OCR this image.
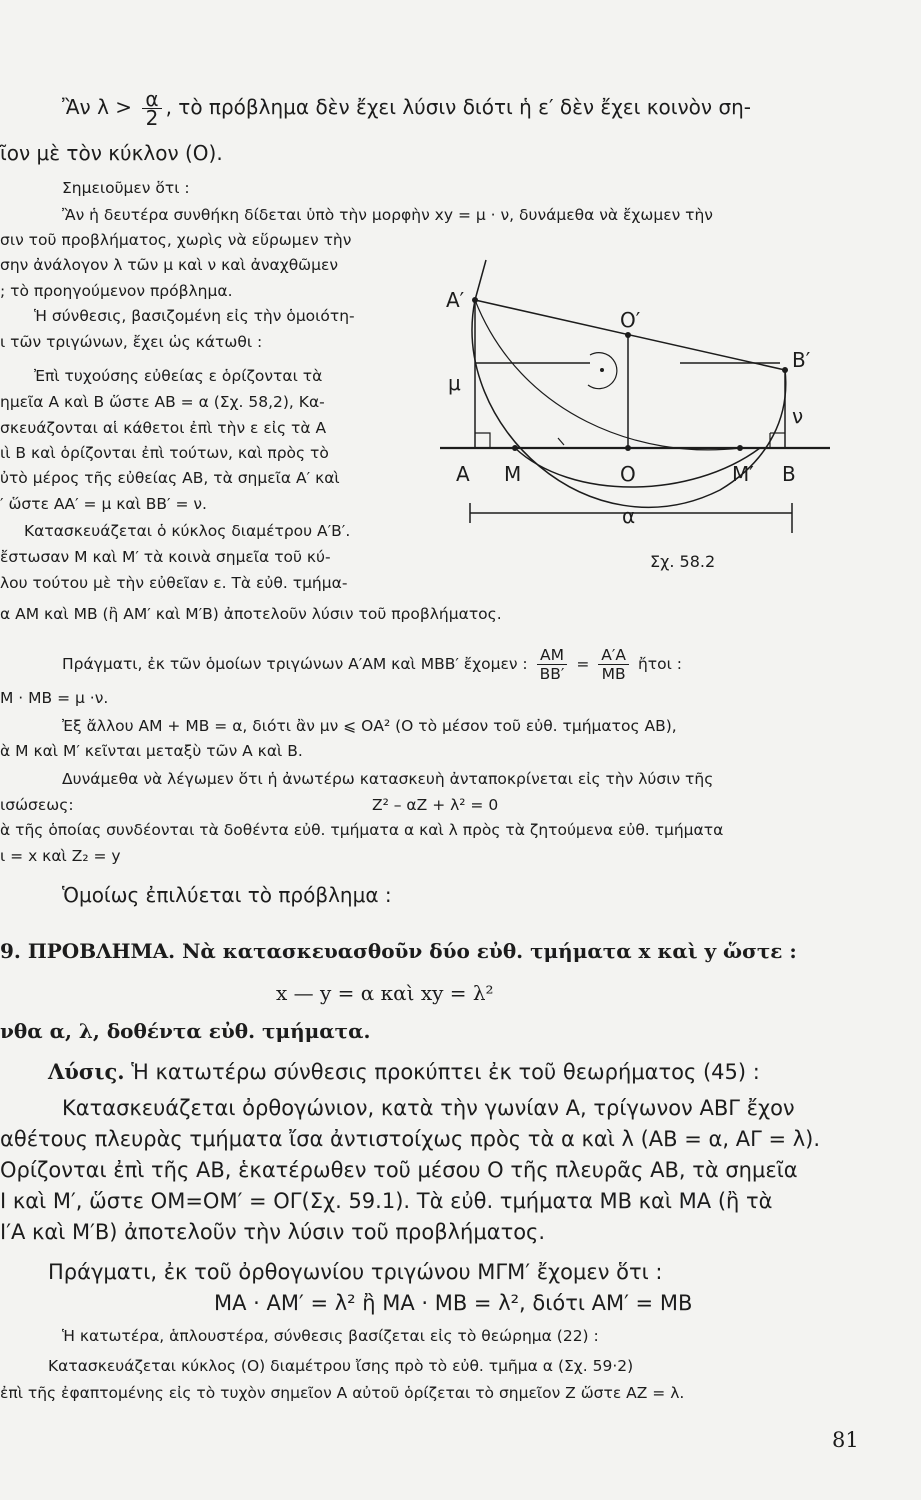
Ἂν $\lambda > \frac{\alpha}{2}$ , τὸ πρόβλημα δὲν ἔχει λύσιν διότι ἡ ε′ δὲν ἔχει κοινὸν ση-
ῖον μὲ τὸν κύκλον (Ο).
Σημειοῦμεν ὅτι :
Ἂν ἡ δευτέρα συνθήκη δίδεται ὑπὸ τὴν μορφὴν xy = μ · ν, δυνάμεθα νὰ ἔχωμεν τὴν
σιν τοῦ προβλήματος, χωρὶς νὰ εὕρωμεν τὴν
σην ἀνάλογον λ τῶν μ καὶ ν καὶ ἀναχθῶμεν
; τὸ προηγούμενον πρόβλημα.
Ἡ σύνθεσις, βασιζομένη εἰς τὴν ὁμοιότη-
ι τῶν τριγώνων, ἔχει ὡς κάτωθι :
Ἐπὶ τυχούσης εὐθείας ε ὁρίζονται τὰ
ημεῖα Α καὶ Β ὥστε ΑΒ = α (Σχ. 58,2), Κα-
σκευάζονται αἱ κάθετοι ἐπὶ τὴν ε εἰς τὰ Α
ιὶ Β καὶ ὁρίζονται ἐπὶ τούτων, καὶ πρὸς τὸ
ὐτὸ μέρος τῆς εὐθείας ΑΒ, τὰ σημεῖα Α′ καὶ
′ ὥστε ΑΑ′ = μ καὶ ΒΒ′ = ν.
Κατασκευάζεται ὁ κύκλος διαμέτρου Α′Β′.
ἔστωσαν Μ καὶ Μ′ τὰ κοινὰ σημεῖα τοῦ κύ-
λου τούτου μὲ τὴν εὐθεῖαν ε. Τὰ εὐθ. τμήμα-
α ΑΜ καὶ ΜΒ (ἢ ΑΜ′ καὶ Μ′Β) ἀποτελοῦν λύσιν τοῦ προβλήματος.
Πράγματι, ἐκ τῶν ὁμοίων τριγώνων Α′ΑΜ καὶ ΜΒΒ′ ἔχομεν : $\frac{AM}{BB'} = \frac{A'A}{MB}$ ἤτοι :
Μ · ΜΒ = μ ·ν.
Ἐξ ἄλλου ΑΜ + ΜΒ = α, διότι ἂν μν ⩽ ΟΑ² (Ο τὸ μέσον τοῦ εὐθ. τμήματος ΑΒ),
ὰ Μ καὶ Μ′ κεῖνται μεταξὺ τῶν Α καὶ Β.
Δυνάμεθα νὰ λέγωμεν ὅτι ἡ ἀνωτέρω κατασκευὴ ἀνταποκρίνεται εἰς τὴν λύσιν τῆς
ισώσεως:	Z² – αZ + λ² = 0
ὰ τῆς ὁποίας συνδέονται τὰ δοθέντα εὐθ. τμήματα α καὶ λ πρὸς τὰ ζητούμενα εὐθ. τμήματα
ι = x καὶ Z₂ = y
Ὁμοίως ἐπιλύεται τὸ πρόβλημα :
9. ΠΡΟΒΛΗΜΑ. Νὰ κατασκευασθοῦν δύο εὐθ. τμήματα x καὶ y ὥστε :
x — y = α καὶ xy = λ²
νθα α, λ, δοθέντα εὐθ. τμήματα.
Λύσις. Ἡ κατωτέρω σύνθεσις προκύπτει ἐκ τοῦ θεωρήματος (45) :
Κατασκευάζεται ὀρθογώνιον, κατὰ τὴν γωνίαν Α, τρίγωνον ΑΒΓ ἔχον
αθέτους πλευρὰς τμήματα ἴσα ἀντιστοίχως πρὸς τὰ α καὶ λ (ΑΒ = α, ΑΓ = λ).
Ορίζονται ἐπὶ τῆς ΑΒ, ἑκατέρωθεν τοῦ μέσου Ο τῆς πλευρᾶς ΑΒ, τὰ σημεῖα
Ι καὶ Μ′, ὥστε ΟΜ=ΟΜ′ = ΟΓ(Σχ. 59.1). Τὰ εὐθ. τμήματα ΜΒ καὶ ΜΑ (ἢ τὰ
Ι′Α καὶ Μ′Β) ἀποτελοῦν τὴν λύσιν τοῦ προβλήματος.
Πράγματι, ἐκ τοῦ ὀρθογωνίου τριγώνου ΜΓΜ′ ἔχομεν ὅτι :
ΜΑ · ΑΜ′ = λ² ἢ ΜΑ · ΜΒ = λ², διότι ΑΜ′ = ΜΒ
Ἡ κατωτέρα, ἁπλουστέρα, σύνθεσις βασίζεται εἰς τὸ θεώρημα (22) :
Κατασκευάζεται κύκλος (Ο) διαμέτρου ἴσης πρὸ τὸ εὐθ. τμῆμα α (Σχ. 59·2)
ἐπὶ τῆς ἐφαπτομένης εἰς τὸ τυχὸν σημεῖον Α αὐτοῦ ὁρίζεται τὸ σημεῖον Ζ ὥστε ΑΖ = λ.
81
Α′
Ο′
Β′
μ
ν
Α Μ	Ο	Μ′ Β
α
Σχ. 58.2
